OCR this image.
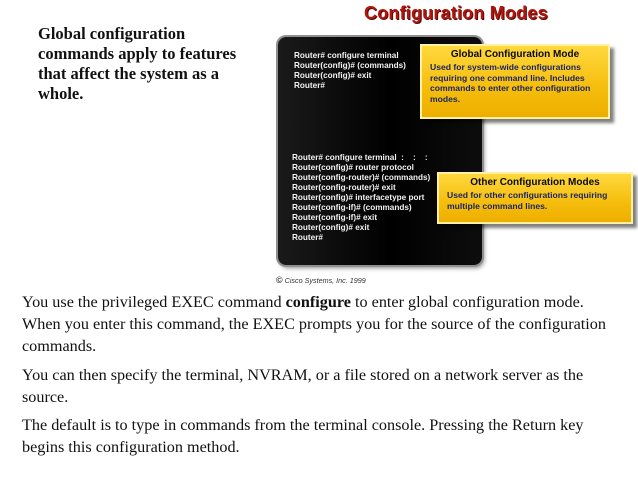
Global configuration commands apply to features that affect the system as a whole.
Configuration Modes
Router# configure terminal
Router(config)# (commands)
Router(config)# exit
Router#
Router# configure terminal  :    :    :
Router(config)# router protocol
Router(config-router)# (commands)
Router(config-router)# exit
Router(config)# interfacetype port
Router(config-if)# (commands)
Router(config-if)# exit
Router(config)# exit
Router#
Global Configuration Mode

Used for system-wide configurations requiring one command line. Includes commands to enter other configuration modes.

Other Configuration Modes

Used for other configurations requiring multiple command lines.

© Cisco Systems, Inc. 1999

You use the privileged EXEC command configure to enter global configuration mode. When you enter this command, the EXEC prompts you for the source of the configuration commands.

You can then specify the terminal, NVRAM, or a file stored on a network server as the source.

The default is to type in commands from the terminal console. Pressing the Return key begins this configuration method.
